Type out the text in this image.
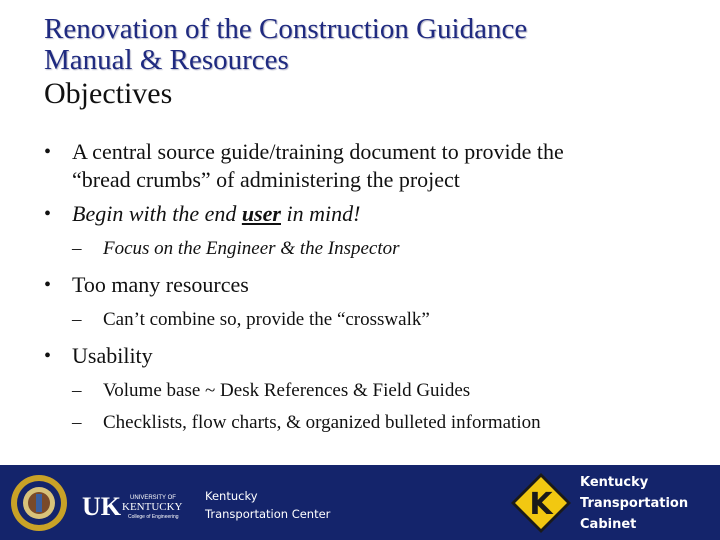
Renovation of the Construction Guidance
Manual & Resources
Objectives
• A central source guide/training document to provide the
“bread crumbs” of administering the project
• Begin with the end user in mind!
– Focus on the Engineer & the Inspector
• Too many resources
– Can’t combine so, provide the “crosswalk”
• Usability
– Volume base ~ Desk References & Field Guides
– Checklists, flow charts, & organized bulleted information
UK UNIVERSITY OF
KENTUCKY
College of Engineering
Kentucky
Transportation Center	K
Kentucky
Transportation
Cabinet
